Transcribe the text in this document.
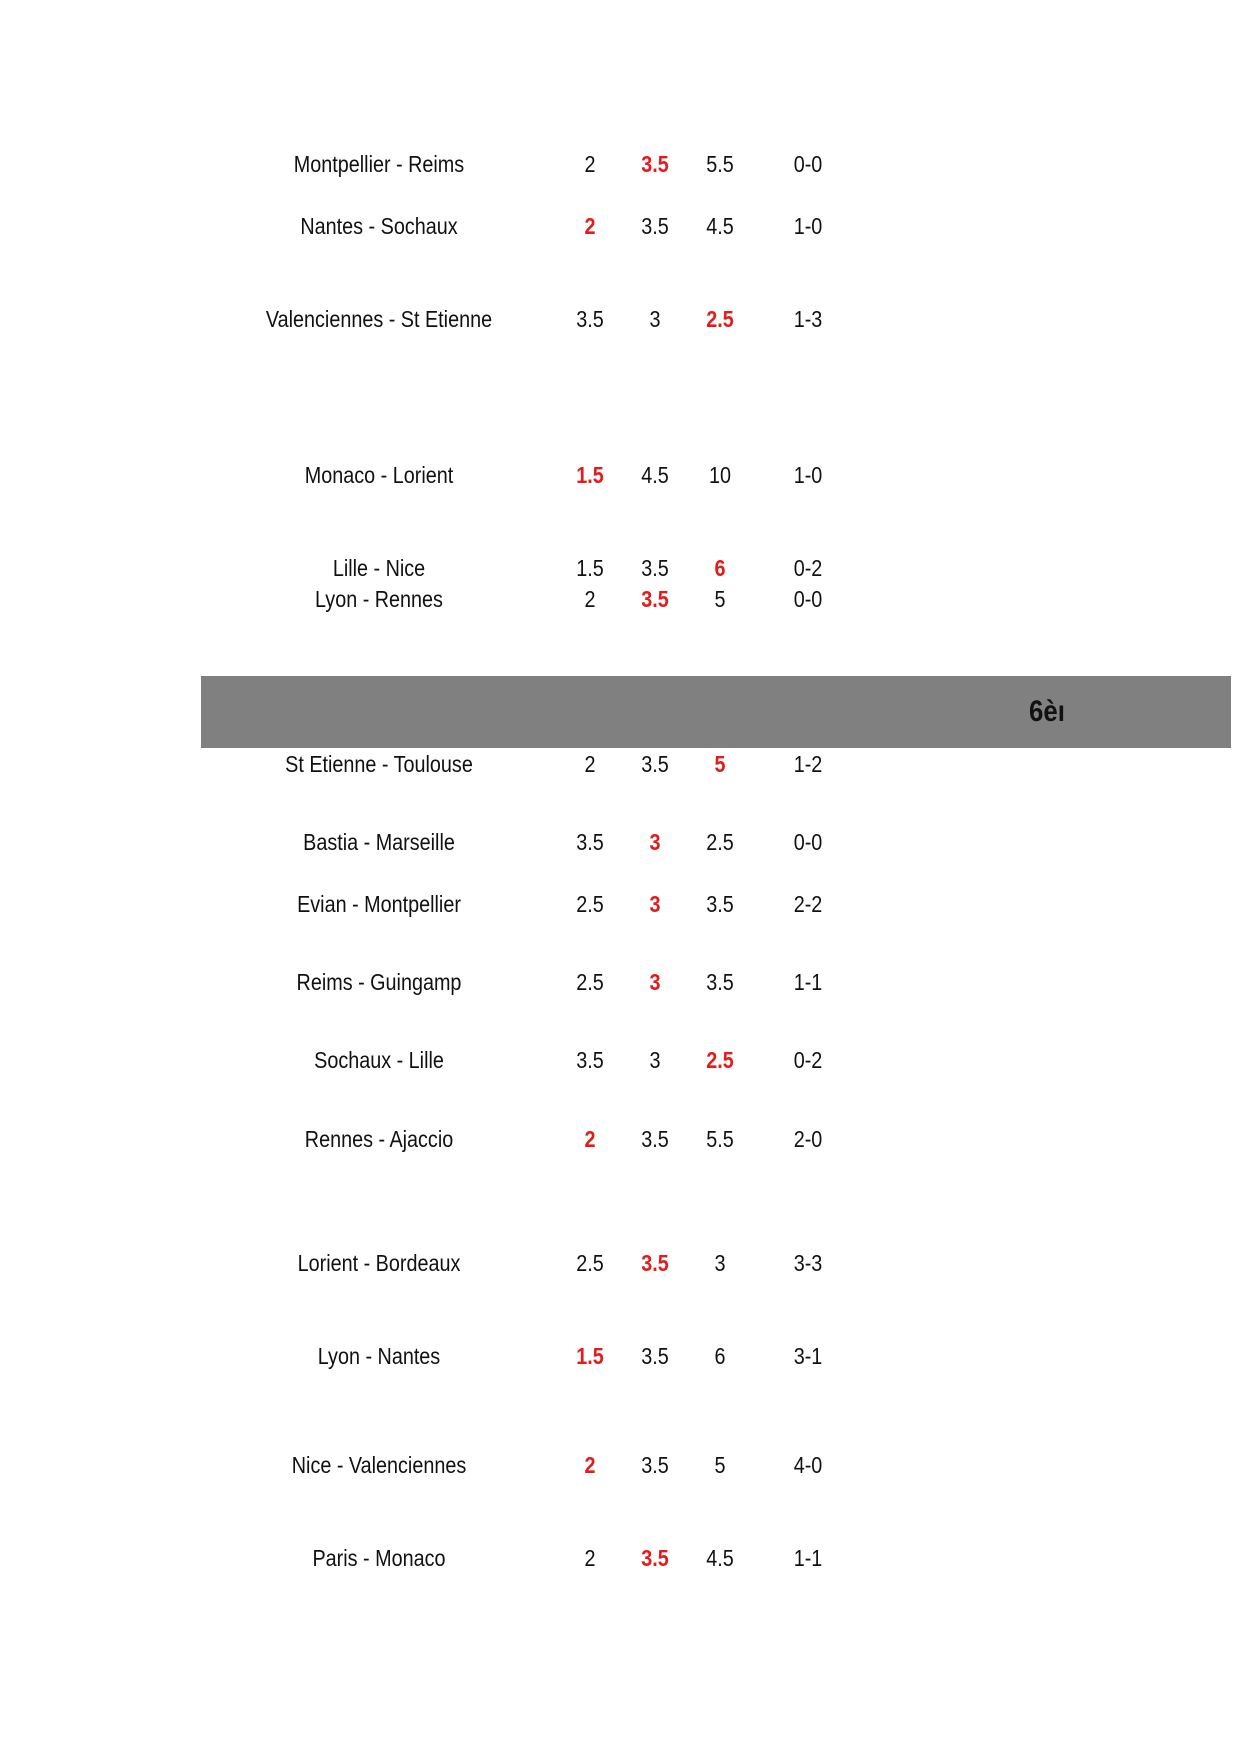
6èı
Montpellier - Reims	2	3.5	5.5	0-0
Nantes - Sochaux	2	3.5	4.5	1-0
Valenciennes - St Etienne	3.5	3	2.5	1-3
Monaco - Lorient	1.5	4.5	10	1-0
Lille - Nice	1.5	3.5	6	0-2
Lyon - Rennes	2	3.5	5	0-0
St Etienne - Toulouse	2	3.5	5	1-2
Bastia - Marseille	3.5	3	2.5	0-0
Evian - Montpellier	2.5	3	3.5	2-2
Reims - Guingamp	2.5	3	3.5	1-1
Sochaux - Lille	3.5	3	2.5	0-2
Rennes - Ajaccio	2	3.5	5.5	2-0
Lorient - Bordeaux	2.5	3.5	3	3-3
Lyon - Nantes	1.5	3.5	6	3-1
Nice - Valenciennes	2	3.5	5	4-0
Paris - Monaco	2	3.5	4.5	1-1
